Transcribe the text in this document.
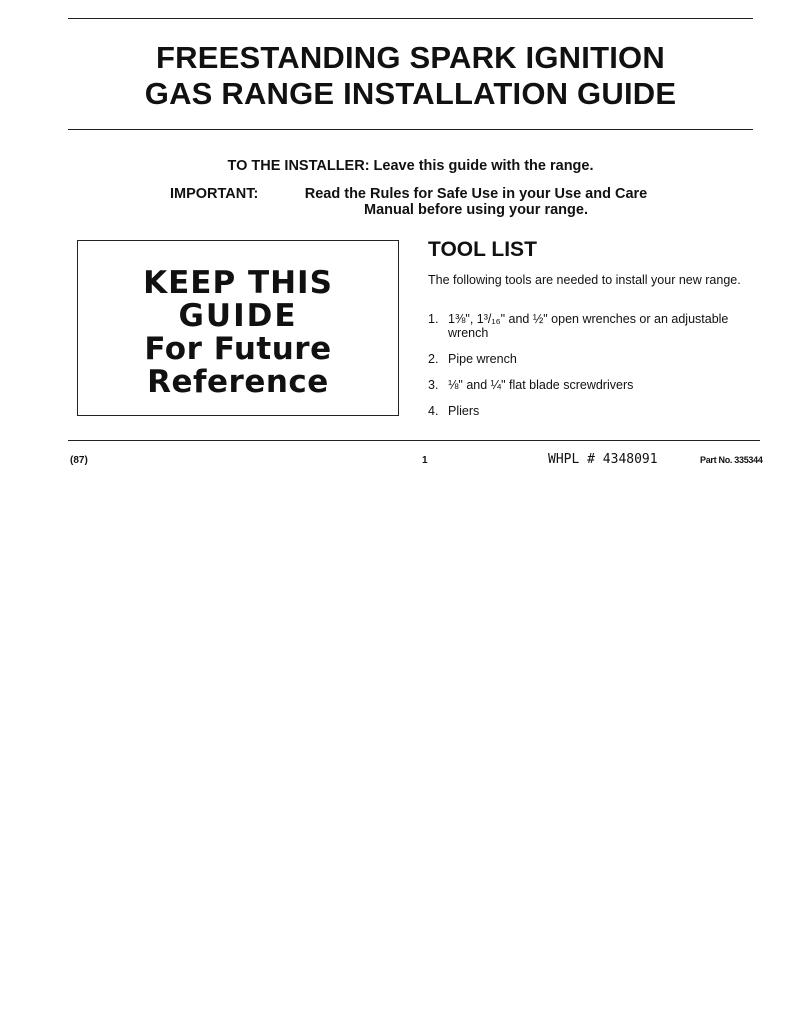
FREESTANDING SPARK IGNITION
GAS RANGE INSTALLATION GUIDE
TO THE INSTALLER: Leave this guide with the range.
IMPORTANT:	Read the Rules for Safe Use in your Use and Care Manual before using your range.
KEEP THIS
GUIDE
For Future
Reference
TOOL LIST
The following tools are needed to install your new range.
1. 1⅜", 1³/₁₆" and ½" open wrenches or an adjustable wrench
2. Pipe wrench
3. ⅛" and ¼" flat blade screwdrivers
4. Pliers
(87)	1	WHPL # 4348091	Part No. 335344
